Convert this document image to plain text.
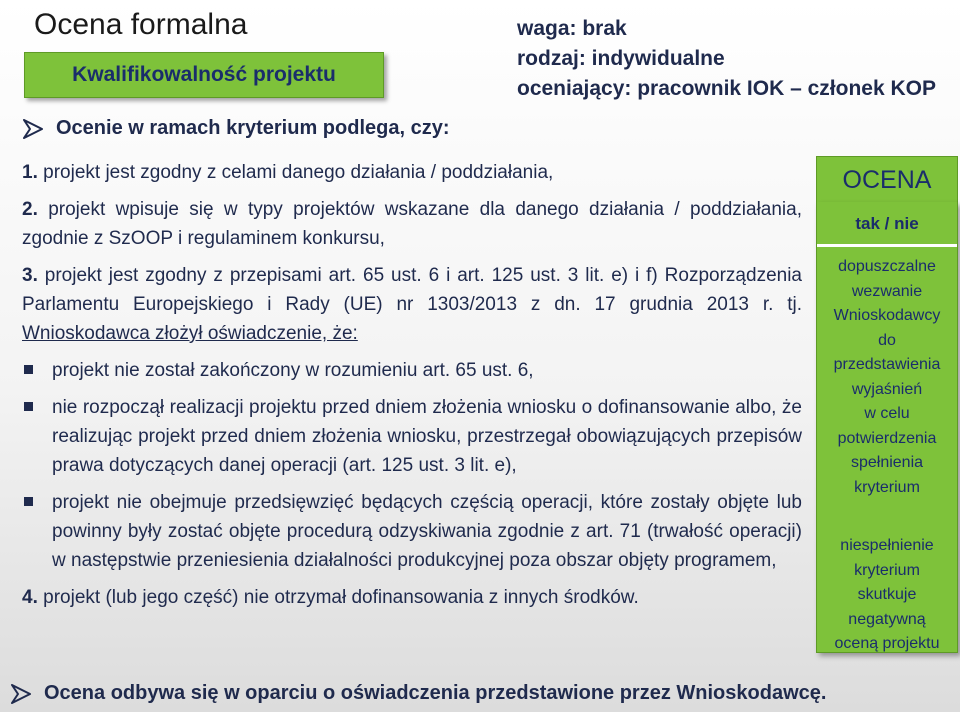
Ocena formalna
Kwalifikowalność projektu
waga: brak
rodzaj: indywidualne
oceniający: pracownik IOK – członek KOP
Ocenie w ramach kryterium podlega, czy:

1. projekt jest zgodny z celami danego działania / poddziałania,

2. projekt wpisuje się w typy projektów wskazane dla danego działania / poddziałania, zgodnie z SzOOP i regulaminem konkursu,

3. projekt jest zgodny z przepisami art. 65 ust. 6 i art. 125 ust. 3 lit. e) i f) Rozporządzenia Parlamentu Europejskiego i Rady (UE) nr 1303/2013 z dn. 17 grudnia 2013 r. tj. Wnioskodawca złożył oświadczenie, że:

projekt nie został zakończony w rozumieniu art. 65 ust. 6,
nie rozpoczął realizacji projektu przed dniem złożenia wniosku o dofinansowanie albo, że realizując projekt przed dniem złożenia wniosku, przestrzegał obowiązujących przepisów prawa dotyczących danej operacji (art. 125 ust. 3 lit. e),
projekt nie obejmuje przedsięwzięć będących częścią operacji, które zostały objęte lub powinny były zostać objęte procedurą odzyskiwania zgodnie z art. 71 (trwałość operacji) w następstwie przeniesienia działalności produkcyjnej poza obszar objęty programem,

4. projekt (lub jego część) nie otrzymał dofinansowania z innych środków.

OCENA
tak / nie
dopuszczalne
wezwanie
Wnioskodawcy
do
przedstawienia
wyjaśnień
w celu
potwierdzenia
spełnienia
kryterium
niespełnienie
kryterium
skutkuje
negatywną
oceną projektu
Ocena odbywa się w oparciu o oświadczenia przedstawione przez Wnioskodawcę.
